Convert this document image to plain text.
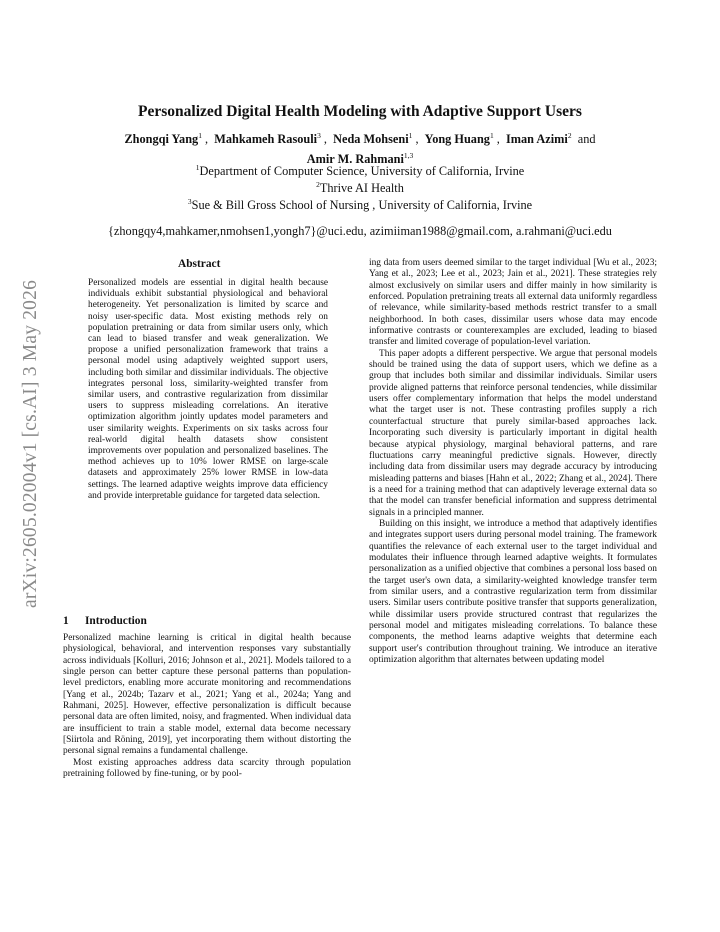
arXiv:2605.02004v1 [cs.AI] 3 May 2026
Personalized Digital Health Modeling with Adaptive Support Users
Zhongqi Yang$^1$ ,  Mahkameh Rasouli$^3$ ,  Neda Mohseni$^1$ ,  Yong Huang$^1$ ,  Iman Azimi$^2$ and
Amir M. Rahmani$^{1,3}$
$^1$Department of Computer Science, University of California, Irvine
$^2$Thrive AI Health
$^3$Sue & Bill Gross School of Nursing , University of California, Irvine
{zhongqy4,mahkamer,nmohsen1,yongh7}@uci.edu, azimiiman1988@gmail.com, a.rahmani@uci.edu
Abstract
Personalized models are essential in digital health because individuals exhibit substantial physiological and behavioral heterogeneity. Yet personalization is limited by scarce and noisy user-specific data. Most existing methods rely on population pretraining or data from similar users only, which can lead to biased transfer and weak generalization. We propose a unified personalization framework that trains a personal model using adaptively weighted support users, including both similar and dissimilar individuals. The objective integrates personal loss, similarity-weighted transfer from similar users, and contrastive regularization from dissimilar users to suppress misleading correlations. An iterative optimization algorithm jointly updates model parameters and user similarity weights. Experiments on six tasks across four real-world digital health datasets show consistent improvements over population and personalized baselines. The method achieves up to 10% lower RMSE on large-scale datasets and approximately 25% lower RMSE in low-data settings. The learned adaptive weights improve data efficiency and provide interpretable guidance for targeted data selection.
1 Introduction

Personalized machine learning is critical in digital health because physiological, behavioral, and intervention responses vary substantially across individuals [Kolluri, 2016; Johnson et al., 2021]. Models tailored to a single person can better capture these personal patterns than population-level predictors, enabling more accurate monitoring and recommendations [Yang et al., 2024b; Tazarv et al., 2021; Yang et al., 2024a; Yang and Rahmani, 2025]. However, effective personalization is difficult because personal data are often limited, noisy, and fragmented. When individual data are insufficient to train a stable model, external data become necessary [Siirtola and Röning, 2019], yet incorporating them without distorting the personal signal remains a fundamental challenge.

Most existing approaches address data scarcity through population pretraining followed by fine-tuning, or by pool-

ing data from users deemed similar to the target individual [Wu et al., 2023; Yang et al., 2023; Lee et al., 2023; Jain et al., 2021]. These strategies rely almost exclusively on similar users and differ mainly in how similarity is enforced. Population pretraining treats all external data uniformly regardless of relevance, while similarity-based methods restrict transfer to a small neighborhood. In both cases, dissimilar users whose data may encode informative contrasts or counterexamples are excluded, leading to biased transfer and limited coverage of population-level variation.

This paper adopts a different perspective. We argue that personal models should be trained using the data of support users, which we define as a group that includes both similar and dissimilar individuals. Similar users provide aligned patterns that reinforce personal tendencies, while dissimilar users offer complementary information that helps the model understand what the target user is not. These contrasting profiles supply a rich counterfactual structure that purely similar-based approaches lack. Incorporating such diversity is particularly important in digital health because atypical physiology, marginal behavioral patterns, and rare fluctuations carry meaningful predictive signals. However, directly including data from dissimilar users may degrade accuracy by introducing misleading patterns and biases [Hahn et al., 2022; Zhang et al., 2024]. There is a need for a training method that can adaptively leverage external data so that the model can transfer beneficial information and suppress detrimental signals in a principled manner.

Building on this insight, we introduce a method that adaptively identifies and integrates support users during personal model training. The framework quantifies the relevance of each external user to the target individual and modulates their influence through learned adaptive weights. It formulates personalization as a unified objective that combines a personal loss based on the target user's own data, a similarity-weighted knowledge transfer term from similar users, and a contrastive regularization term from dissimilar users. Similar users contribute positive transfer that supports generalization, while dissimilar users provide structured contrast that regularizes the personal model and mitigates misleading correlations. To balance these components, the method learns adaptive weights that determine each support user's contribution throughout training. We introduce an iterative optimization algorithm that alternates between updating model
